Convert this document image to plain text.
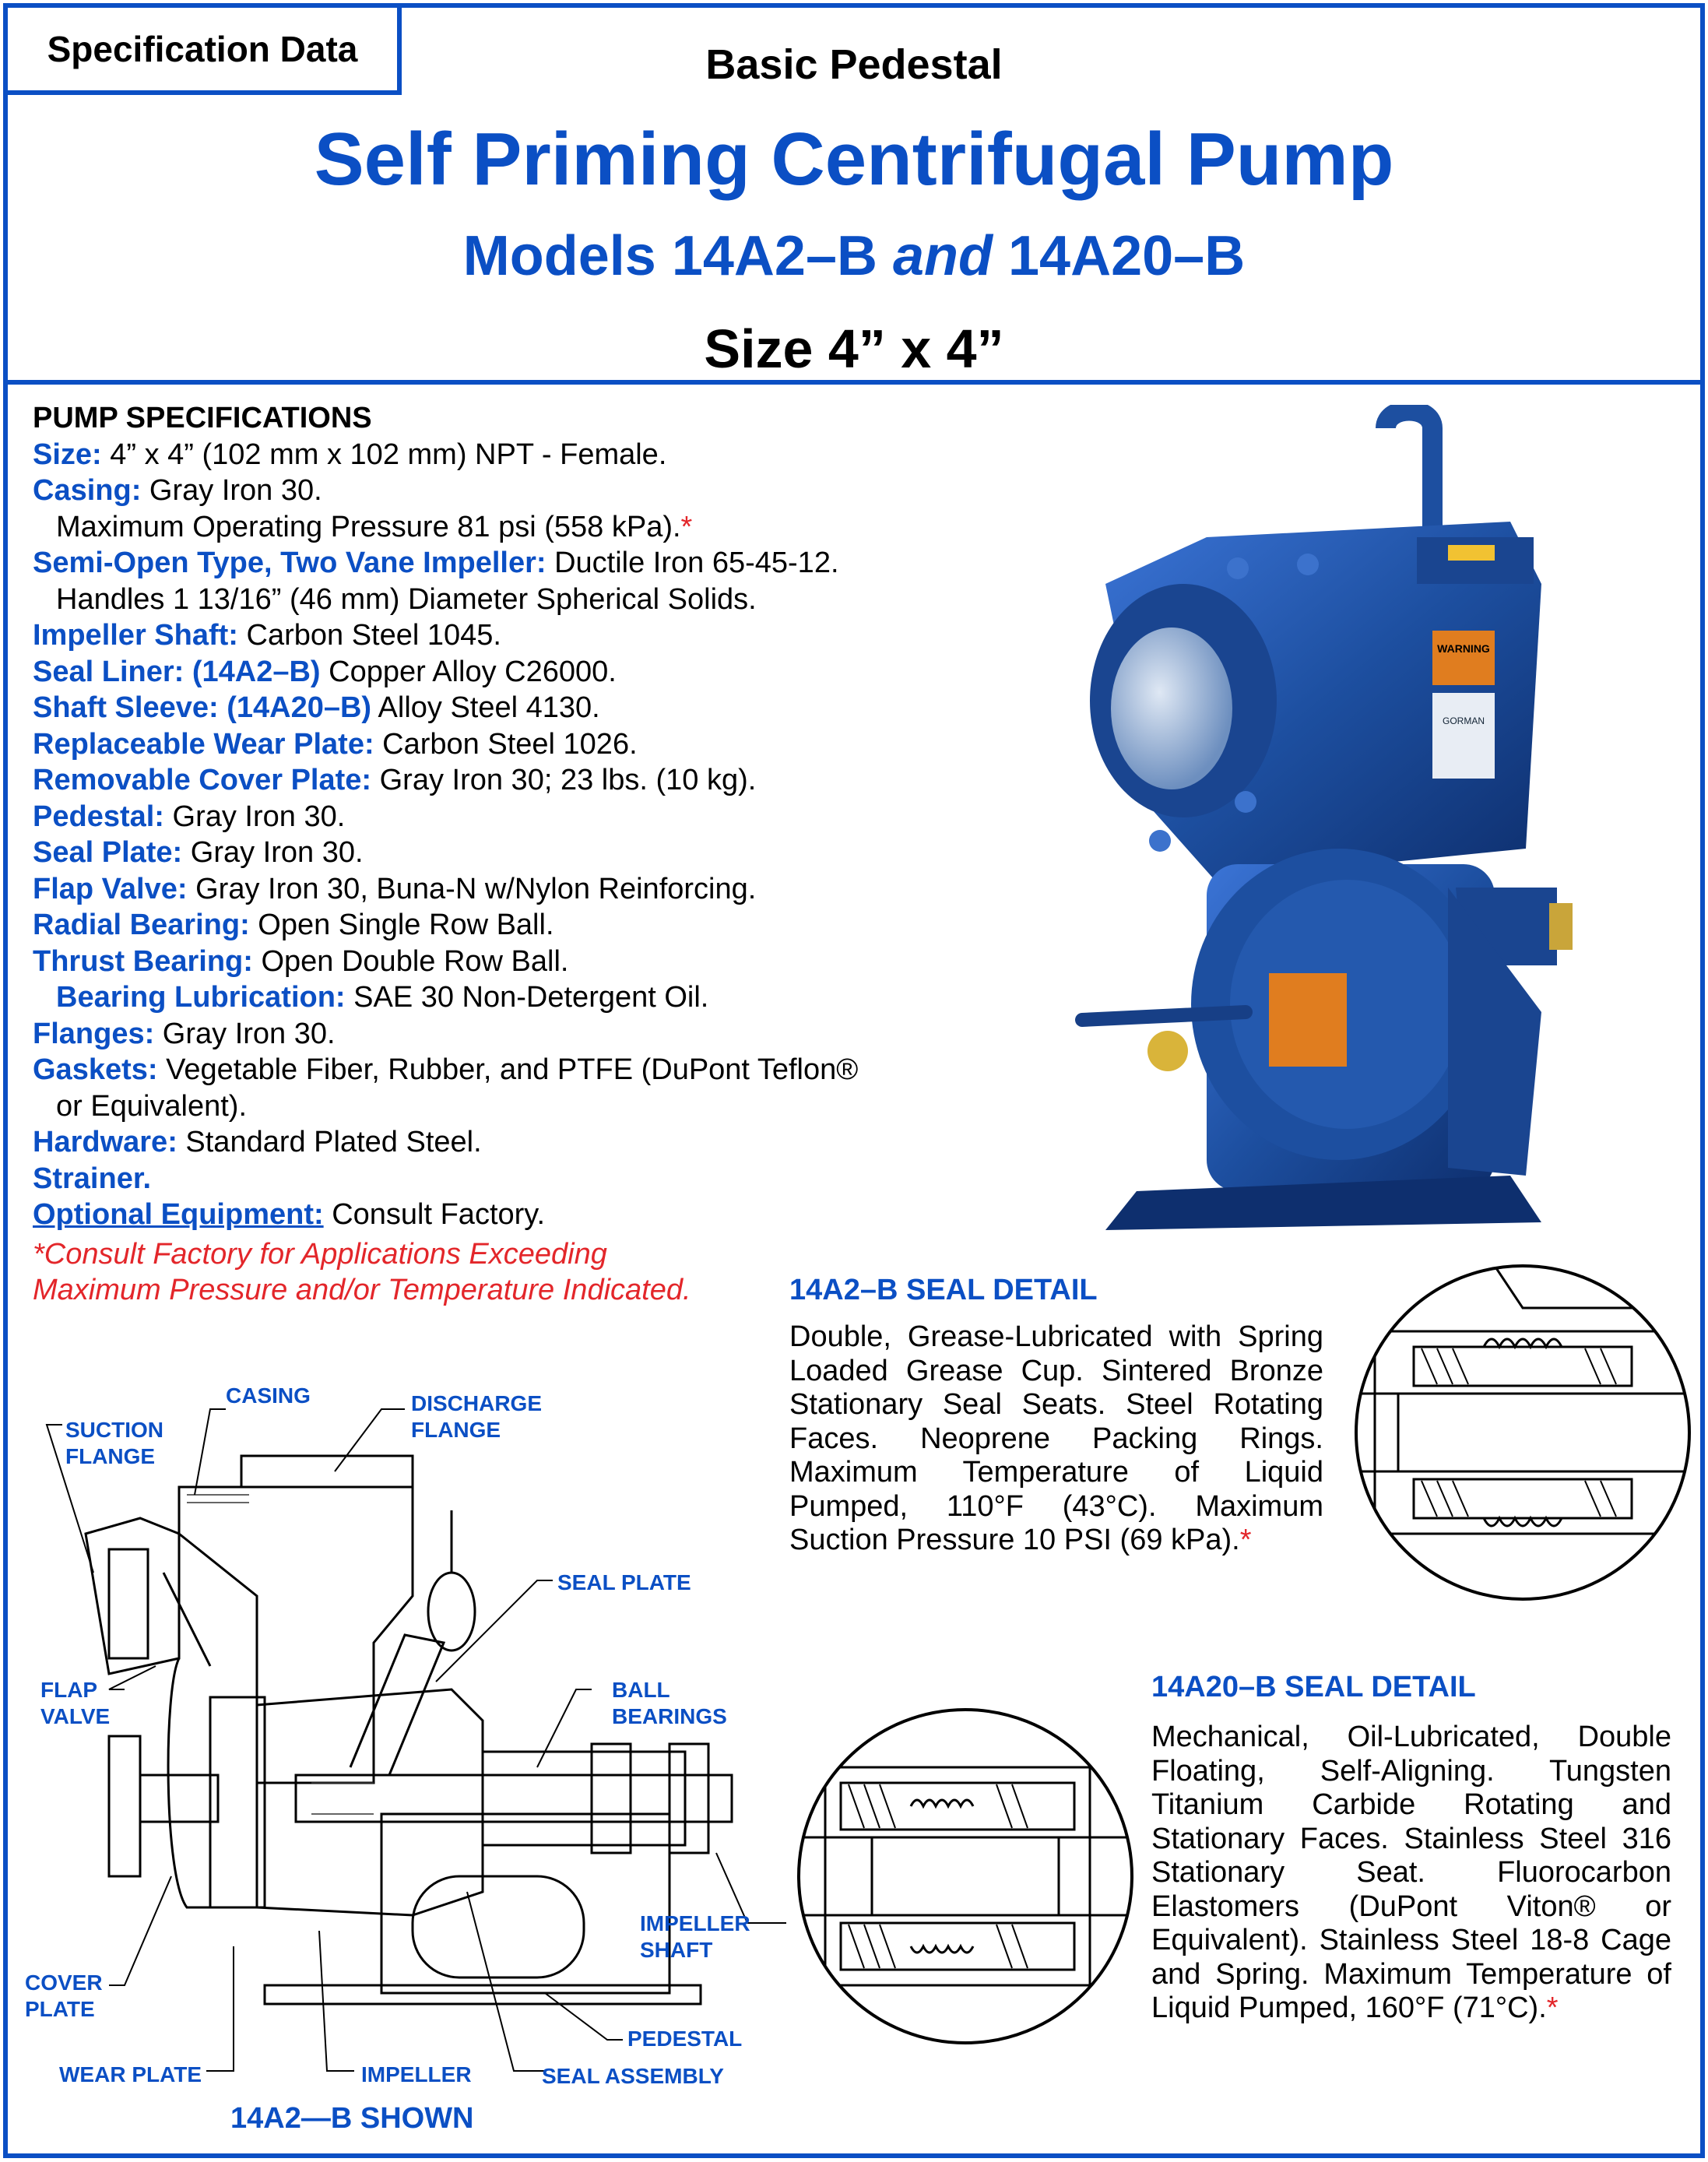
Specification Data	Basic Pedestal
Self Priming Centrifugal Pump
Models 14A2–B and 14A20–B
Size 4” x 4”
PUMP SPECIFICATIONS
Size: 4” x 4” (102 mm x 102 mm) NPT - Female.
Casing: Gray Iron 30.
Maximum Operating Pressure 81 psi (558 kPa).*
Semi-Open Type, Two Vane Impeller: Ductile Iron 65-45-12.
Handles 1 13/16” (46 mm) Diameter Spherical Solids.
Impeller Shaft: Carbon Steel 1045.
Seal Liner: (14A2–B) Copper Alloy C26000.
Shaft Sleeve: (14A20–B) Alloy Steel 4130.
Replaceable Wear Plate: Carbon Steel 1026.
Removable Cover Plate: Gray Iron 30; 23 lbs. (10 kg).
Pedestal: Gray Iron 30.
Seal Plate: Gray Iron 30.
Flap Valve: Gray Iron 30, Buna-N w/Nylon Reinforcing.
Radial Bearing: Open Single Row Ball.
Thrust Bearing: Open Double Row Ball.
Bearing Lubrication: SAE 30 Non-Detergent Oil.
Flanges: Gray Iron 30.
Gaskets: Vegetable Fiber, Rubber, and PTFE (DuPont Teflon®
or Equivalent).
Hardware: Standard Plated Steel.
Strainer.
Optional Equipment: Consult Factory.
*Consult Factory for Applications Exceeding
Maximum Pressure and/or Temperature Indicated.
WARNING
GORMAN
14A2–B SEAL DETAIL
Double, Grease-Lubricated with Spring Loaded Grease Cup. Sintered Bronze Stationary Seal Seats. Steel Rotating Faces. Neoprene Packing Rings. Maximum Temperature of Liquid Pumped, 110°F (43°C). Maximum Suction Pressure 10 PSI (69 kPa).*
14A20–B SEAL DETAIL
Mechanical, Oil-Lubricated, Double Floating, Self-Aligning. Tungsten Titanium Carbide Rotating and Stationary Faces. Stainless Steel 316 Stationary Seat. Fluorocarbon Elastomers (DuPont Viton® or Equivalent). Stainless Steel 18-8 Cage and Spring. Maximum Temperature of Liquid Pumped, 160°F (71°C).*
CASING	DISCHARGE
FLANGE
SUCTION
FLANGE
SEAL PLATE
FLAP
VALVE
BALL
BEARINGS
IMPELLER
SHAFT
COVER
PLATE
PEDESTAL
WEAR PLATE	IMPELLER	SEAL ASSEMBLY
14A2—B SHOWN
